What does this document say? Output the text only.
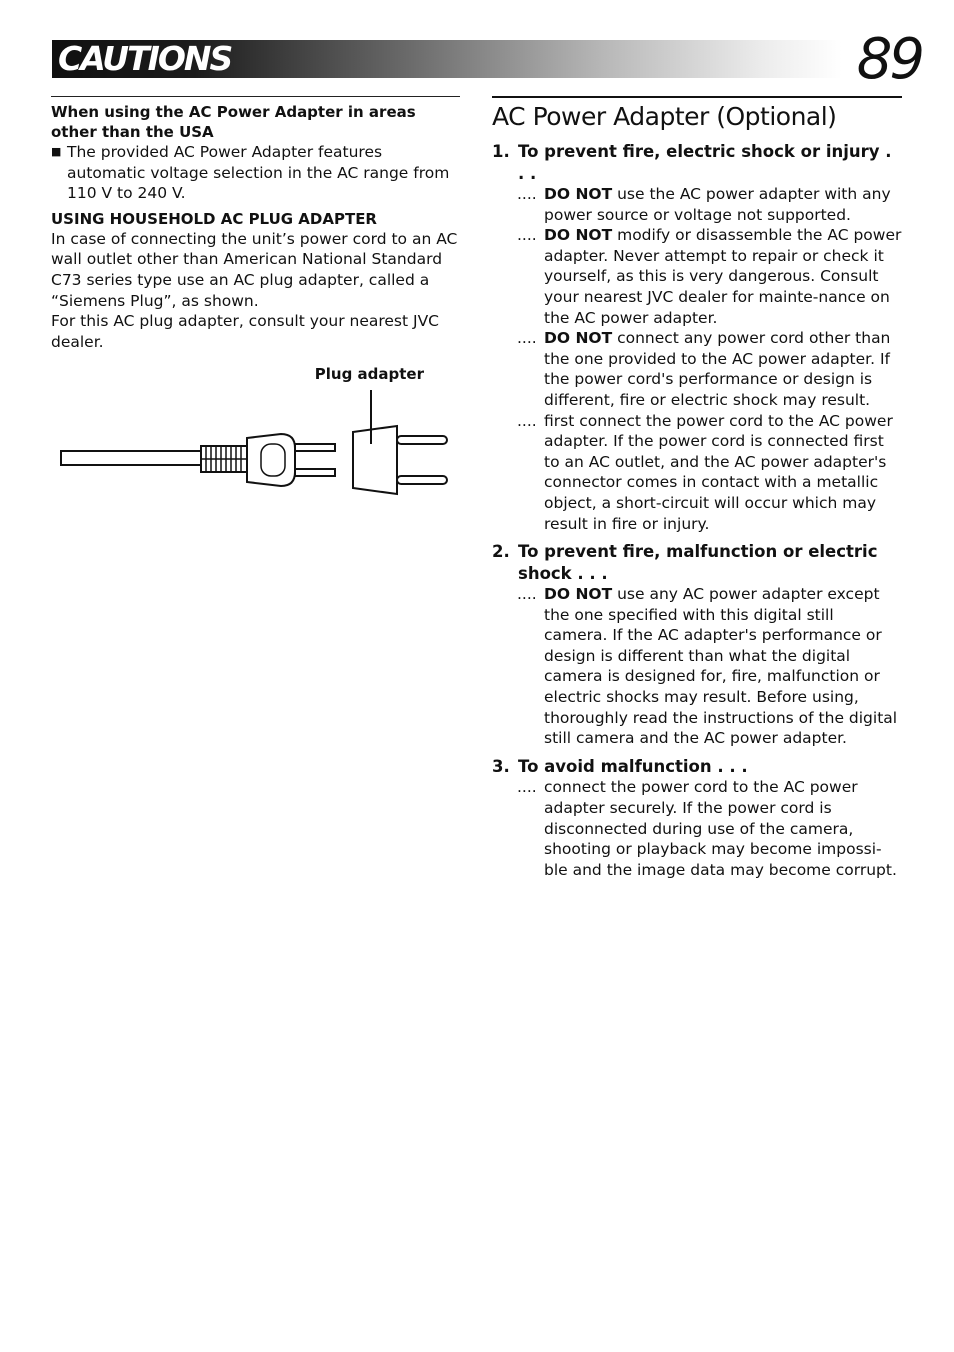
CAUTIONS	89

When using the AC Power Adapter in areas other than the USA

■ The provided AC Power Adapter features automatic voltage selection in the AC range from 110 V to 240 V.

USING HOUSEHOLD AC PLUG ADAPTER

In case of connecting the unit’s power cord to an AC wall outlet other than American National Standard C73 series type use an AC plug adapter, called a “Siemens Plug”, as shown.

For this AC plug adapter, consult your nearest JVC dealer.

Plug adapter
AC Power Adapter (Optional)
1. To prevent fire, electric shock or injury . . .
.... DO NOT use the AC power adapter with any power source or voltage not supported.
.... DO NOT modify or disassemble the AC power adapter. Never attempt to repair or check it yourself, as this is very dangerous. Consult your nearest JVC dealer for mainte-nance on the AC power adapter.
.... DO NOT connect any power cord other than the one provided to the AC power adapter. If the power cord's performance or design is different, fire or electric shock may result.
.... first connect the power cord to the AC power adapter. If the power cord is connected first to an AC outlet, and the AC power adapter's connector comes in contact with a metallic object, a short-circuit will occur which may result in fire or injury.
2. To prevent fire, malfunction or electric shock . . .
.... DO NOT use any AC power adapter except the one specified with this digital still camera. If the AC adapter's performance or design is different than what the digital camera is designed for, fire, malfunction or electric shocks may result. Before using, thoroughly read the instructions of the digital still camera and the AC power adapter.
3. To avoid malfunction . . .
.... connect the power cord to the AC power adapter securely. If the power cord is disconnected during use of the camera, shooting or playback may become impossi-ble and the image data may become corrupt.
